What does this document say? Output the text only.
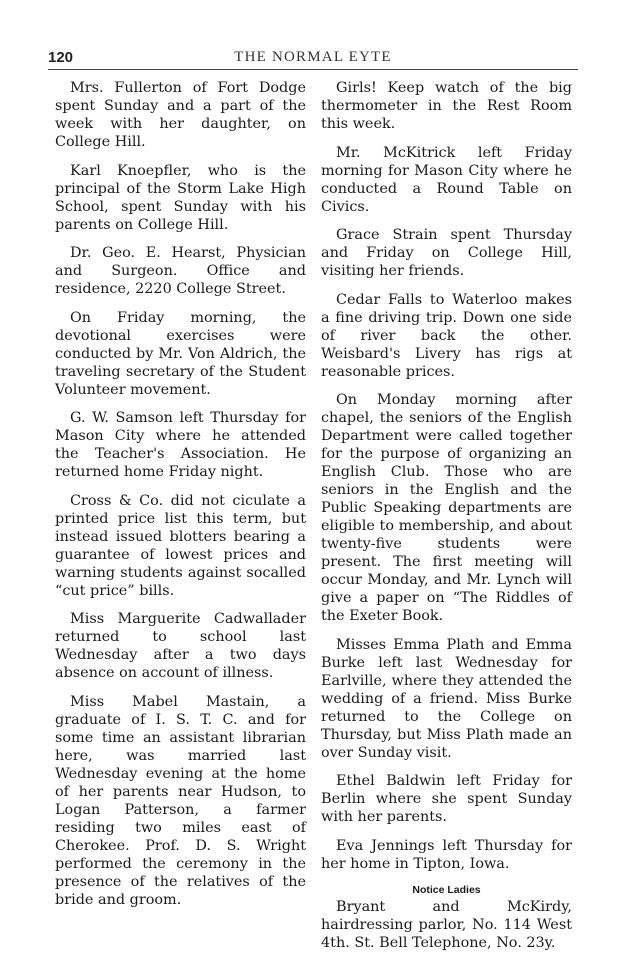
120	THE NORMAL EYTE

Mrs. Fullerton of Fort Dodge spent Sunday and a part of the week with her daughter, on College Hill.

Karl Knoepfler, who is the principal of the Storm Lake High School, spent Sunday with his parents on College Hill.

Dr. Geo. E. Hearst, Physician and Surgeon. Office and residence, 2220 College Street.

On Friday morning, the devotional exercises were conducted by Mr. Von Aldrich, the traveling secretary of the Student Volunteer movement.

G. W. Samson left Thursday for Mason City where he attended the Teacher's Association. He returned home Friday night.

Cross & Co. did not ciculate a printed price list this term, but instead issued blotters bearing a guarantee of lowest prices and warning students against socalled “cut price” bills.

Miss Marguerite Cadwallader returned to school last Wednesday after a two days absence on account of illness.

Miss Mabel Mastain, a graduate of I. S. T. C. and for some time an assistant librarian here, was married last Wednesday evening at the home of her parents near Hudson, to Logan Patterson, a farmer residing two miles east of Cherokee. Prof. D. S. Wright performed the ceremony in the presence of the relatives of the bride and groom.

Girls! Keep watch of the big thermometer in the Rest Room this week.

Mr. McKitrick left Friday morning for Mason City where he conducted a Round Table on Civics.

Grace Strain spent Thursday and Friday on College Hill, visiting her friends.

Cedar Falls to Waterloo makes a fine driving trip. Down one side of river back the other. Weisbard's Livery has rigs at reasonable prices.

On Monday morning after chapel, the seniors of the English Department were called together for the purpose of organizing an English Club. Those who are seniors in the English and the Public Speaking departments are eligible to membership, and about twenty-five students were present. The first meeting will occur Monday, and Mr. Lynch will give a paper on “The Riddles of the Exeter Book.

Misses Emma Plath and Emma Burke left last Wednesday for Earlville, where they attended the wedding of a friend. Miss Burke returned to the College on Thursday, but Miss Plath made an over Sunday visit.

Ethel Baldwin left Friday for Berlin where she spent Sunday with her parents.

Eva Jennings left Thursday for her home in Tipton, Iowa.

Notice Ladies

Bryant and McKirdy, hairdressing parlor, No. 114 West 4th. St. Bell Telephone, No. 23y.
